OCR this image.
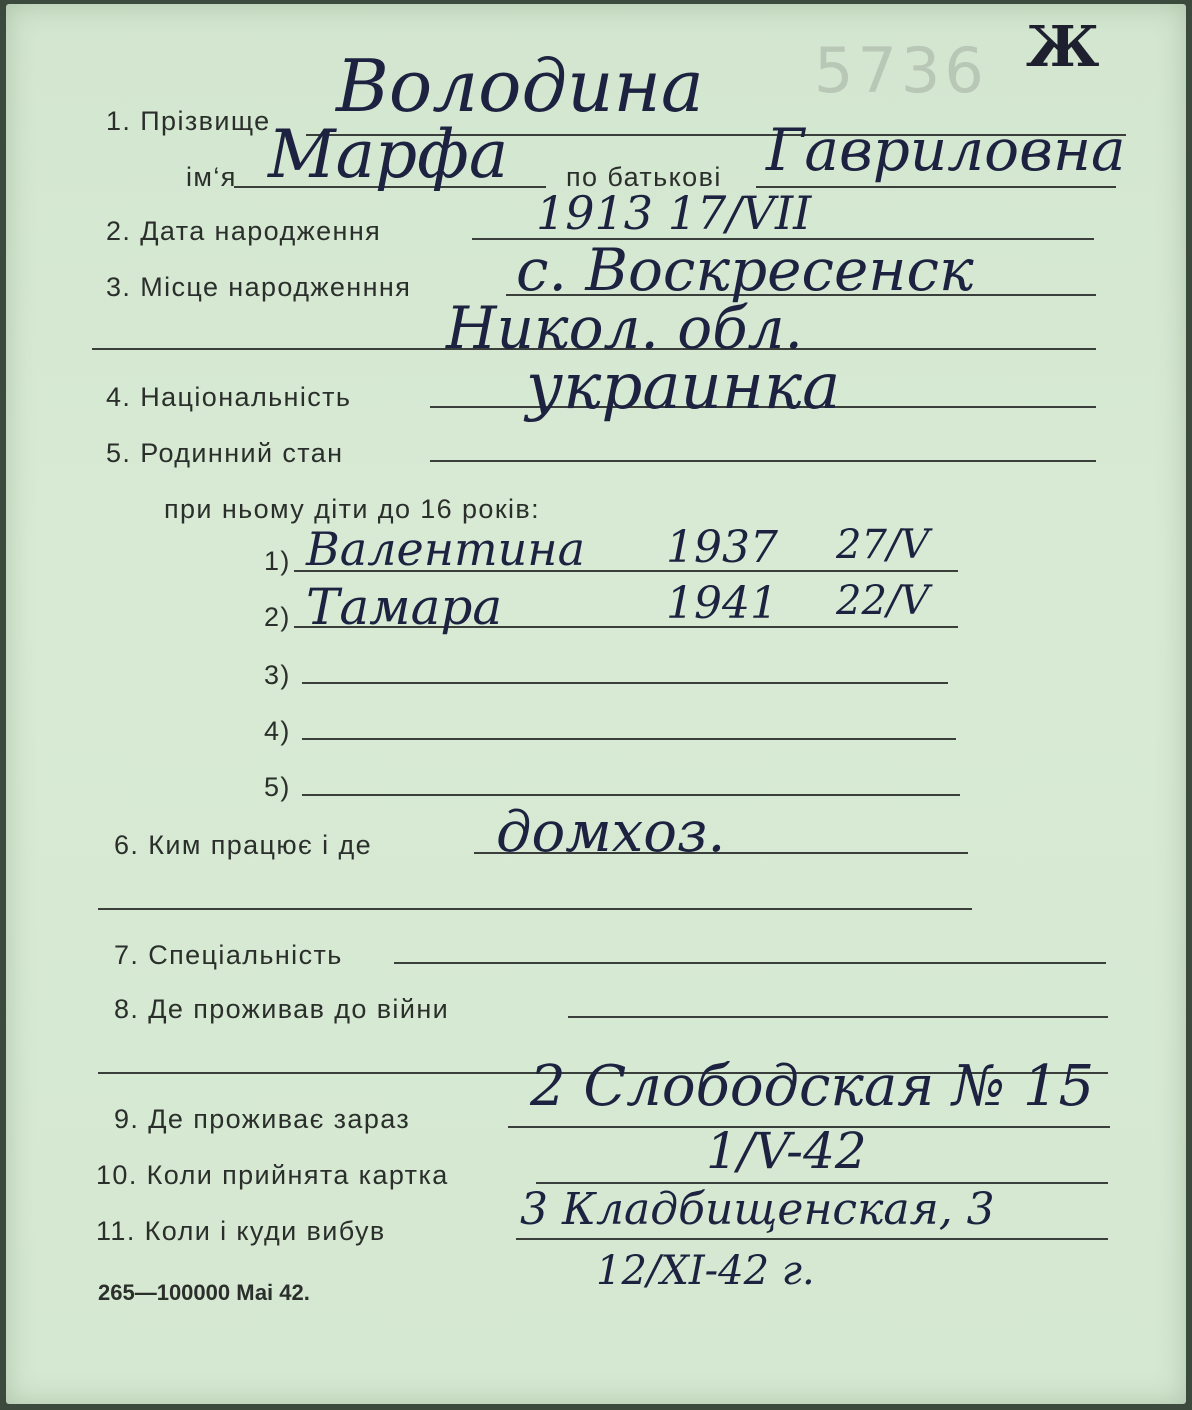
5736 Ж
1. Прізвище Володина
ім‘я Марфа по батькові Гавриловна
2. Дата народження	1913 17/VII
3. Місце народженння с. Воскресенск
Никол. обл.
4. Національність	украинка
5. Родинний стан
при ньому діти до 16 років:
1) Валентина 1937 27/V
2) Тамара	1941 22/V
3)
4)
5)
6. Ким працює і де домхоз.
7. Спеціальність
8. Де проживав до війни
9. Де проживає зараз 2 Слободская № 15
10. Коли прийнята картка	1/V-42
11. Коли і куди вибув	3 Кладбищенская, 3
12/XI-42 г.
265—100000 Маі 42.
